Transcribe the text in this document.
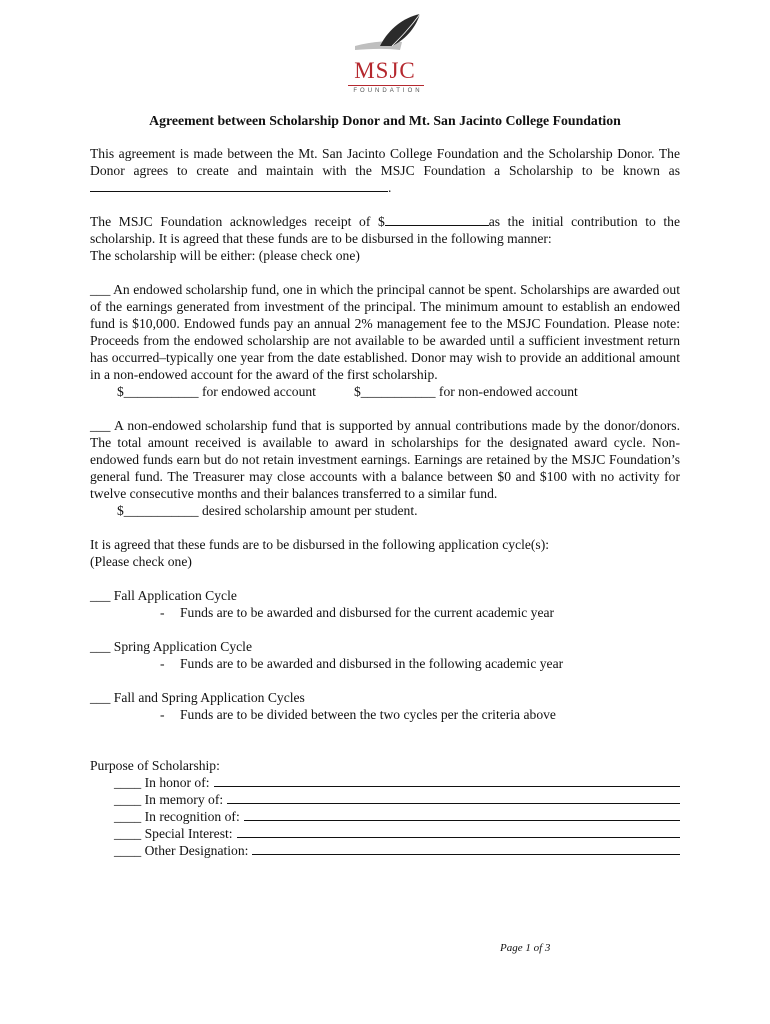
MSJC
FOUNDATION
Agreement between Scholarship Donor and Mt. San Jacinto College Foundation

This agreement is made between the Mt. San Jacinto College Foundation and the Scholarship Donor. The Donor agrees to create and maintain with the MSJC Foundation a Scholarship to be known as .

The MSJC Foundation acknowledges receipt of $	as the initial contribution to the scholarship. It is agreed that these funds are to be disbursed in the following manner:

The scholarship will be either: (please check one)

___ An endowed scholarship fund, one in which the principal cannot be spent. Scholarships are awarded out of the earnings generated from investment of the principal. The minimum amount to establish an endowed fund is $10,000. Endowed funds pay an annual 2% management fee to the MSJC Foundation. Please note: Proceeds from the endowed scholarship are not available to be awarded until a sufficient investment return has occurred–typically one year from the date established. Donor may wish to provide an additional amount in a non-endowed account for the award of the first scholarship.

$___________ for endowed account	$___________ for non-endowed account

___ A non-endowed scholarship fund that is supported by annual contributions made by the donor/donors. The total amount received is available to award in scholarships for the designated award cycle. Non-endowed funds earn but do not retain investment earnings. Earnings are retained by the MSJC Foundation’s general fund. The Treasurer may close accounts with a balance between $0 and $100 with no activity for twelve consecutive months and their balances transferred to a similar fund.

$___________ desired scholarship amount per student.

It is agreed that these funds are to be disbursed in the following application cycle(s):

(Please check one)

___ Fall Application Cycle
- Funds are to be awarded and disbursed for the current academic year
___ Spring Application Cycle
- Funds are to be awarded and disbursed in the following academic year
___ Fall and Spring Application Cycles
- Funds are to be divided between the two cycles per the criteria above
Purpose of Scholarship:
____
In honor of:
____
In memory of:
____
In recognition of:
____
Special Interest:
____
Other Designation:
Page 1 of 3
